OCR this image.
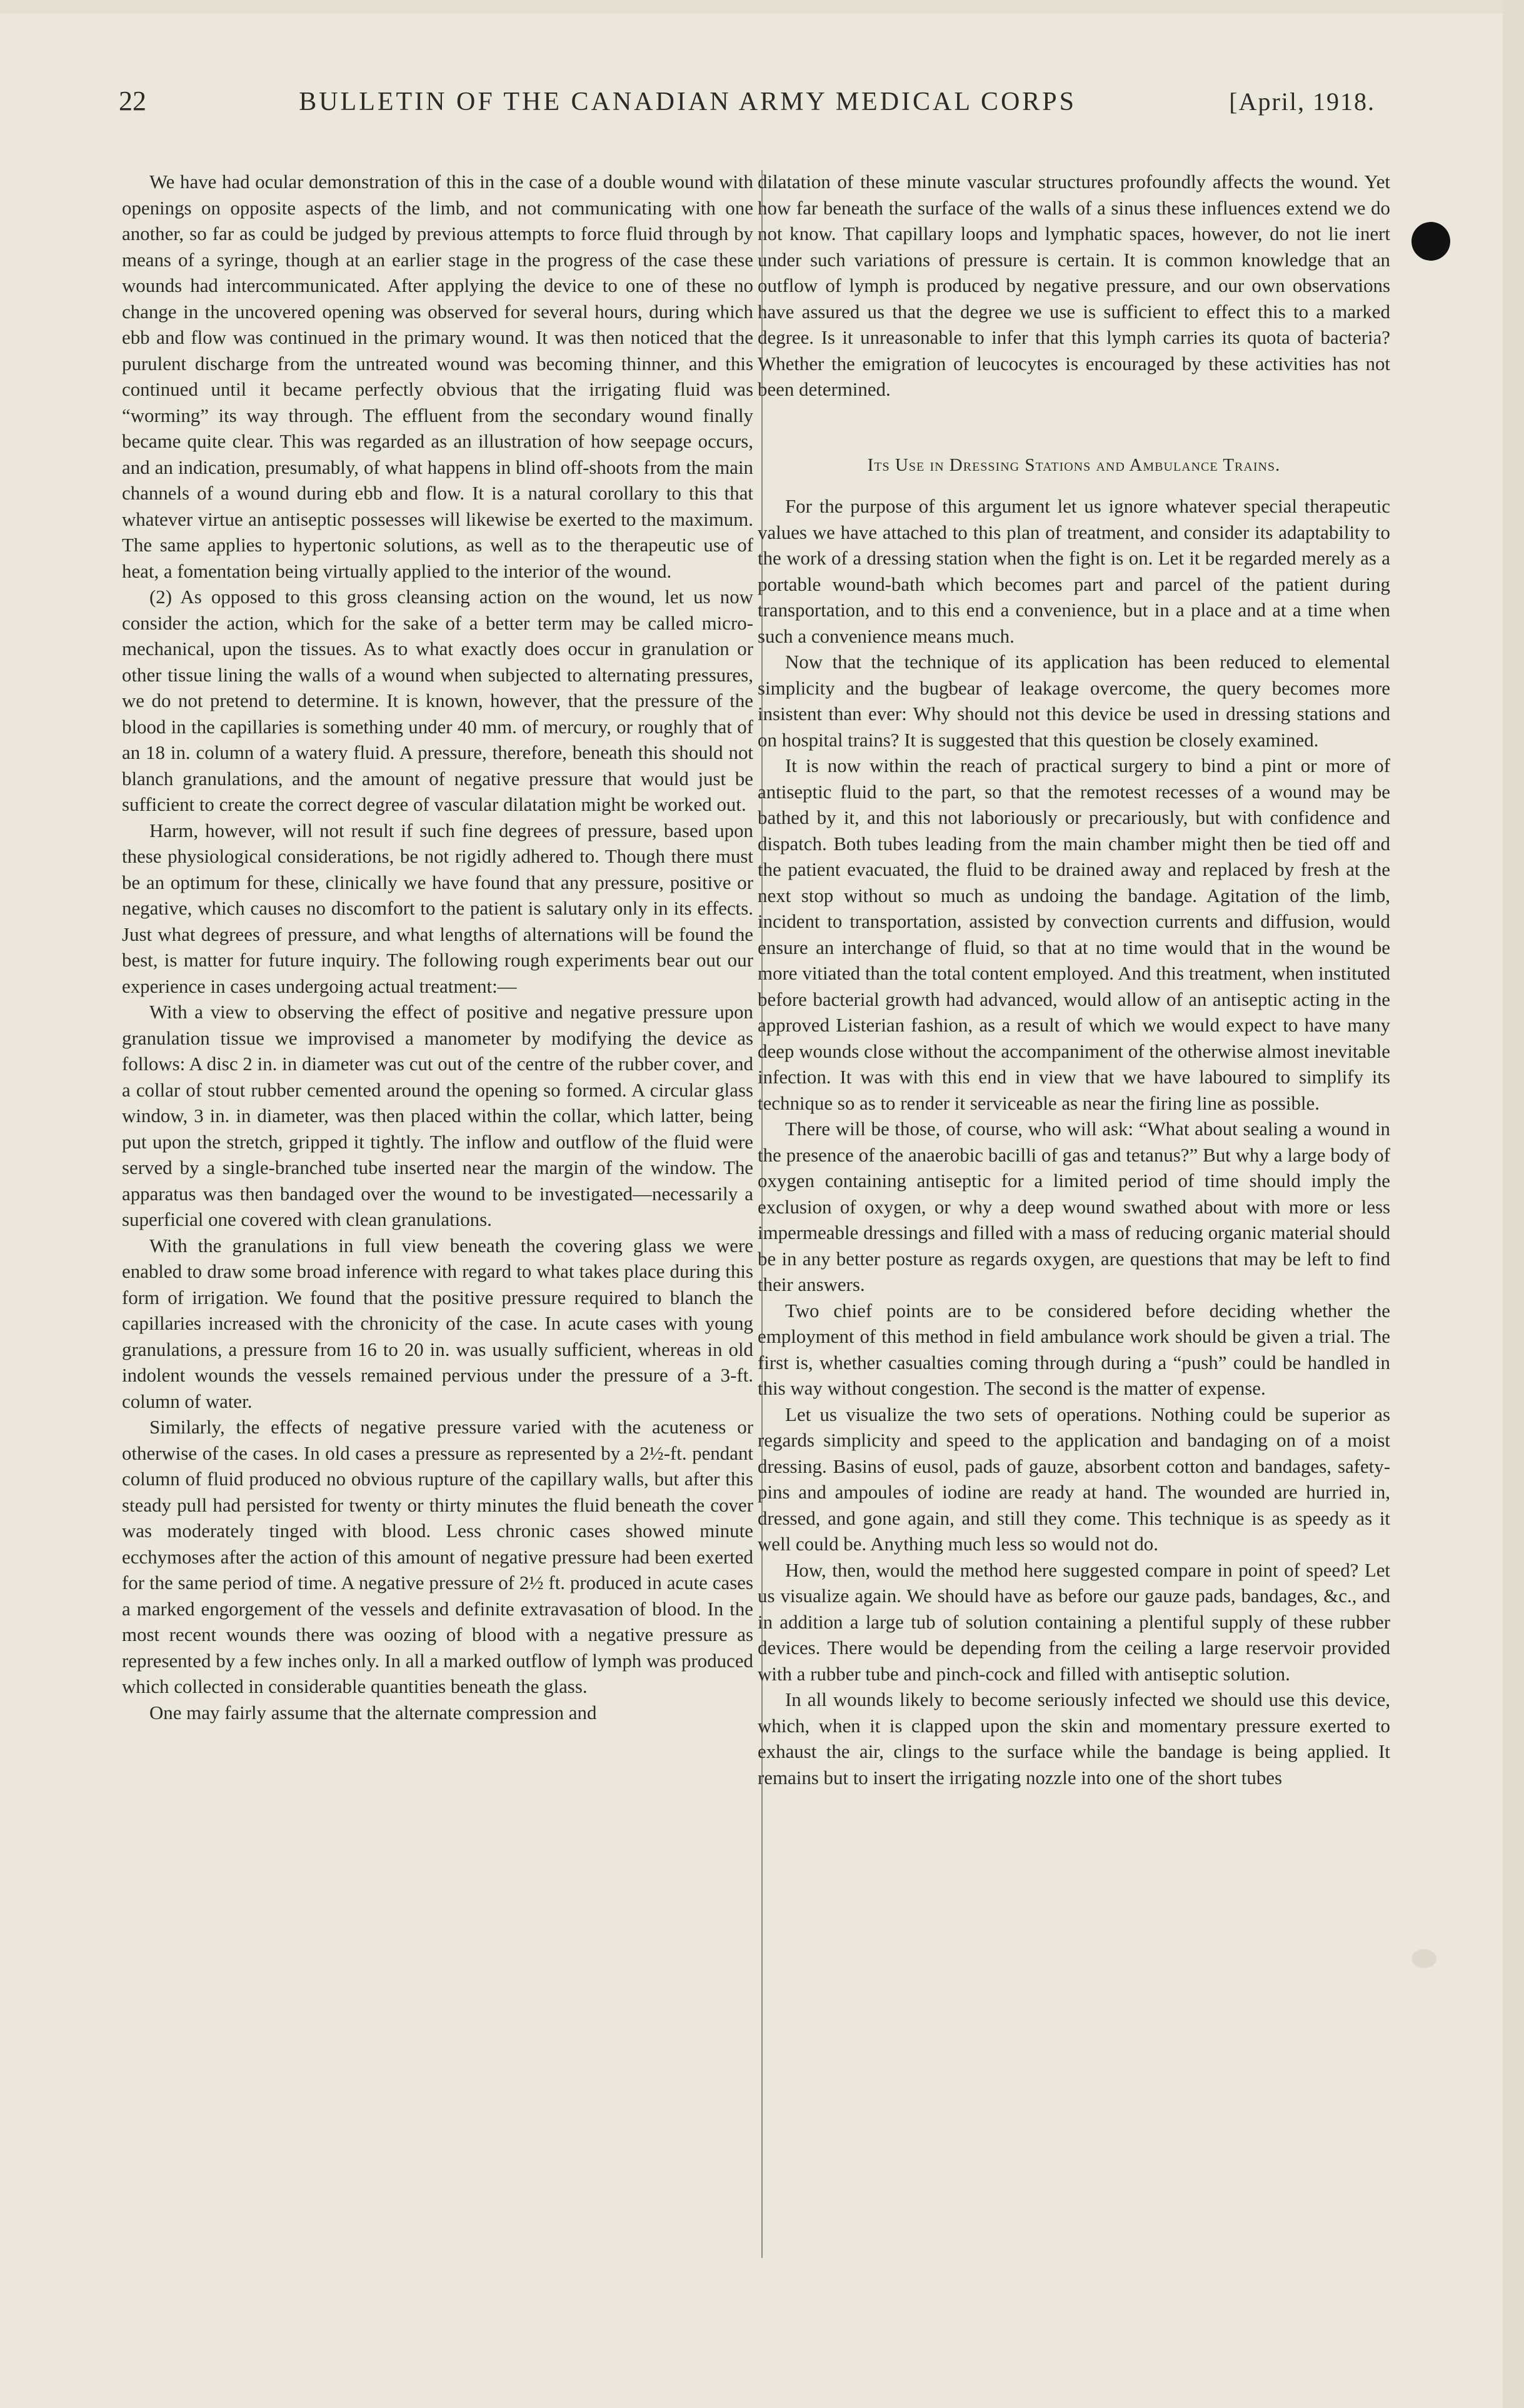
22	BULLETIN OF THE CANADIAN ARMY MEDICAL CORPS	[April, 1918.

We have had ocular demonstration of this in the case of a double wound with openings on opposite aspects of the limb, and not communicating with one another, so far as could be judged by previous attempts to force fluid through by means of a syringe, though at an earlier stage in the progress of the case these wounds had intercommunicated. After applying the device to one of these no change in the uncovered opening was observed for several hours, during which ebb and flow was continued in the primary wound. It was then noticed that the purulent discharge from the untreated wound was becoming thinner, and this continued until it became perfectly obvious that the irrigating fluid was “worming” its way through. The effluent from the secondary wound finally became quite clear. This was regarded as an illustration of how seepage occurs, and an indication, presumably, of what happens in blind off-shoots from the main channels of a wound during ebb and flow. It is a natural corollary to this that whatever virtue an antiseptic possesses will likewise be exerted to the maximum. The same applies to hypertonic solutions, as well as to the therapeutic use of heat, a fomentation being virtually applied to the interior of the wound.

(2) As opposed to this gross cleansing action on the wound, let us now consider the action, which for the sake of a better term may be called micro-mechanical, upon the tissues. As to what exactly does occur in granulation or other tissue lining the walls of a wound when subjected to alternating pressures, we do not pretend to determine. It is known, however, that the pressure of the blood in the capillaries is something under 40 mm. of mercury, or roughly that of an 18 in. column of a watery fluid. A pressure, therefore, beneath this should not blanch granulations, and the amount of negative pressure that would just be sufficient to create the correct degree of vascular dilatation might be worked out.

Harm, however, will not result if such fine degrees of pressure, based upon these physiological considerations, be not rigidly adhered to. Though there must be an optimum for these, clinically we have found that any pressure, positive or negative, which causes no discomfort to the patient is salutary only in its effects. Just what degrees of pressure, and what lengths of alternations will be found the best, is matter for future inquiry. The following rough experiments bear out our experience in cases undergoing actual treatment:—

With a view to observing the effect of positive and negative pressure upon granulation tissue we improvised a manometer by modifying the device as follows: A disc 2 in. in diameter was cut out of the centre of the rubber cover, and a collar of stout rubber cemented around the opening so formed. A circular glass window, 3 in. in diameter, was then placed within the collar, which latter, being put upon the stretch, gripped it tightly. The inflow and outflow of the fluid were served by a single-branched tube inserted near the margin of the window. The apparatus was then bandaged over the wound to be investigated—necessarily a superficial one covered with clean granulations.

With the granulations in full view beneath the covering glass we were enabled to draw some broad inference with regard to what takes place during this form of irrigation. We found that the positive pressure required to blanch the capillaries increased with the chronicity of the case. In acute cases with young granulations, a pressure from 16 to 20 in. was usually sufficient, whereas in old indolent wounds the vessels remained pervious under the pressure of a 3-ft. column of water.

Similarly, the effects of negative pressure varied with the acuteness or otherwise of the cases. In old cases a pressure as represented by a 2½-ft. pendant column of fluid produced no obvious rupture of the capillary walls, but after this steady pull had persisted for twenty or thirty minutes the fluid beneath the cover was moderately tinged with blood. Less chronic cases showed minute ecchymoses after the action of this amount of negative pressure had been exerted for the same period of time. A negative pressure of 2½ ft. produced in acute cases a marked engorgement of the vessels and definite extravasation of blood. In the most recent wounds there was oozing of blood with a negative pressure as represented by a few inches only. In all a marked outflow of lymph was produced which collected in considerable quantities beneath the glass.

One may fairly assume that the alternate compression and

dilatation of these minute vascular structures profoundly affects the wound. Yet how far beneath the surface of the walls of a sinus these influences extend we do not know. That capillary loops and lymphatic spaces, however, do not lie inert under such variations of pressure is certain. It is common knowledge that an outflow of lymph is produced by negative pressure, and our own observations have assured us that the degree we use is sufficient to effect this to a marked degree. Is it unreasonable to infer that this lymph carries its quota of bacteria? Whether the emigration of leucocytes is encouraged by these activities has not been determined.

Its Use in Dressing Stations and Ambulance Trains.

For the purpose of this argument let us ignore whatever special therapeutic values we have attached to this plan of treatment, and consider its adaptability to the work of a dressing station when the fight is on. Let it be regarded merely as a portable wound-bath which becomes part and parcel of the patient during transportation, and to this end a convenience, but in a place and at a time when such a convenience means much.

Now that the technique of its application has been reduced to elemental simplicity and the bugbear of leakage overcome, the query becomes more insistent than ever: Why should not this device be used in dressing stations and on hospital trains? It is suggested that this question be closely examined.

It is now within the reach of practical surgery to bind a pint or more of antiseptic fluid to the part, so that the remotest recesses of a wound may be bathed by it, and this not laboriously or precariously, but with confidence and dispatch. Both tubes leading from the main chamber might then be tied off and the patient evacuated, the fluid to be drained away and replaced by fresh at the next stop without so much as undoing the bandage. Agitation of the limb, incident to transportation, assisted by convection currents and diffusion, would ensure an interchange of fluid, so that at no time would that in the wound be more vitiated than the total content employed. And this treatment, when instituted before bacterial growth had advanced, would allow of an antiseptic acting in the approved Listerian fashion, as a result of which we would expect to have many deep wounds close without the accompaniment of the otherwise almost inevitable infection. It was with this end in view that we have laboured to simplify its technique so as to render it serviceable as near the firing line as possible.

There will be those, of course, who will ask: “What about sealing a wound in the presence of the anaerobic bacilli of gas and tetanus?” But why a large body of oxygen containing antiseptic for a limited period of time should imply the exclusion of oxygen, or why a deep wound swathed about with more or less impermeable dressings and filled with a mass of reducing organic material should be in any better posture as regards oxygen, are questions that may be left to find their answers.

Two chief points are to be considered before deciding whether the employment of this method in field ambulance work should be given a trial. The first is, whether casualties coming through during a “push” could be handled in this way without congestion. The second is the matter of expense.

Let us visualize the two sets of operations. Nothing could be superior as regards simplicity and speed to the application and bandaging on of a moist dressing. Basins of eusol, pads of gauze, absorbent cotton and bandages, safety-pins and ampoules of iodine are ready at hand. The wounded are hurried in, dressed, and gone again, and still they come. This technique is as speedy as it well could be. Anything much less so would not do.

How, then, would the method here suggested compare in point of speed? Let us visualize again. We should have as before our gauze pads, bandages, &c., and in addition a large tub of solution containing a plentiful supply of these rubber devices. There would be depending from the ceiling a large reservoir provided with a rubber tube and pinch-cock and filled with antiseptic solution.

In all wounds likely to become seriously infected we should use this device, which, when it is clapped upon the skin and momentary pressure exerted to exhaust the air, clings to the surface while the bandage is being applied. It remains but to insert the irrigating nozzle into one of the short tubes
